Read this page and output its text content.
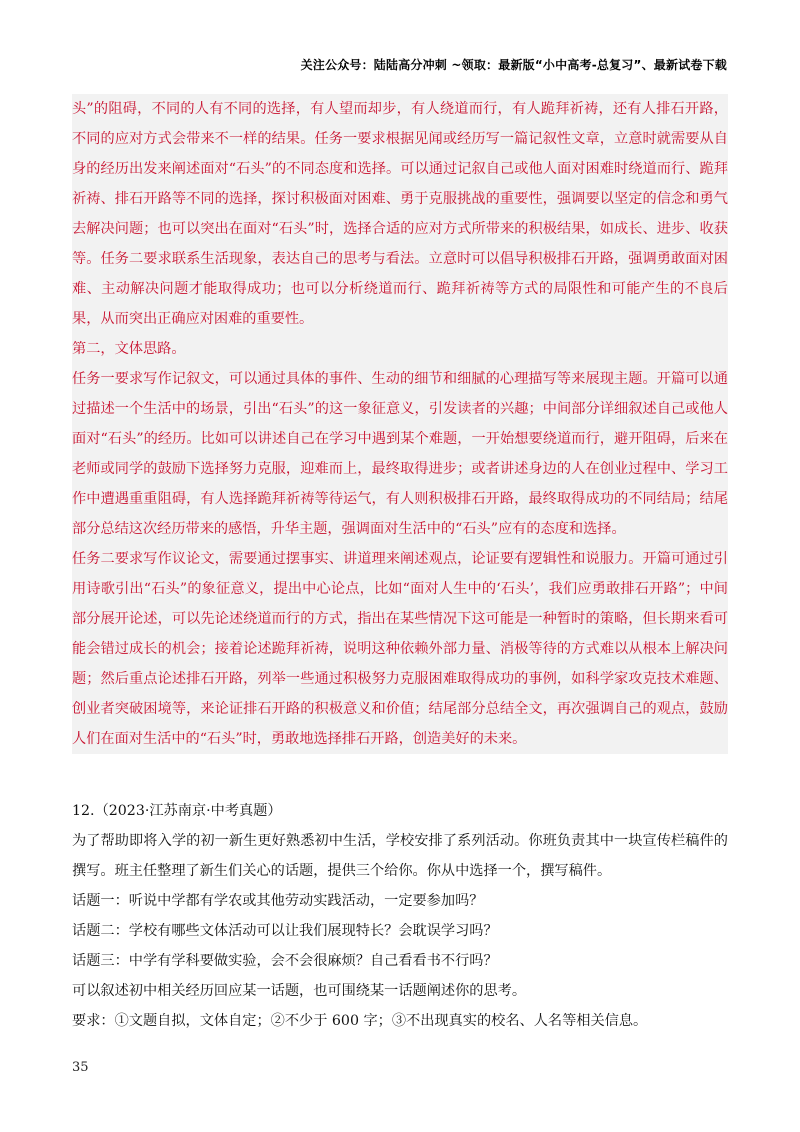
关注公众号：陆陆高分冲刺 ~领取：最新版“小中高考-总复习”、最新试卷下载

头”的阻碍，不同的人有不同的选择，有人望而却步，有人绕道而行，有人跪拜祈祷，还有人排石开路，不同的应对方式会带来不一样的结果。任务一要求根据见闻或经历写一篇记叙性文章，立意时就需要从自身的经历出发来阐述面对“石头”的不同态度和选择。可以通过记叙自己或他人面对困难时绕道而行、跪拜祈祷、排石开路等不同的选择，探讨积极面对困难、勇于克服挑战的重要性，强调要以坚定的信念和勇气去解决问题；也可以突出在面对“石头”时，选择合适的应对方式所带来的积极结果，如成长、进步、收获等。任务二要求联系生活现象，表达自己的思考与看法。立意时可以倡导积极排石开路，强调勇敢面对困难、主动解决问题才能取得成功；也可以分析绕道而行、跪拜祈祷等方式的局限性和可能产生的不良后果，从而突出正确应对困难的重要性。

第二，文体思路。

任务一要求写作记叙文，可以通过具体的事件、生动的细节和细腻的心理描写等来展现主题。开篇可以通过描述一个生活中的场景，引出“石头”的这一象征意义，引发读者的兴趣；中间部分详细叙述自己或他人面对“石头”的经历。比如可以讲述自己在学习中遇到某个难题，一开始想要绕道而行，避开阻碍，后来在老师或同学的鼓励下选择努力克服，迎难而上，最终取得进步；或者讲述身边的人在创业过程中、学习工作中遭遇重重阻碍，有人选择跪拜祈祷等待运气，有人则积极排石开路，最终取得成功的不同结局；结尾部分总结这次经历带来的感悟，升华主题，强调面对生活中的“石头”应有的态度和选择。

任务二要求写作议论文，需要通过摆事实、讲道理来阐述观点，论证要有逻辑性和说服力。开篇可通过引用诗歌引出“石头”的象征意义，提出中心论点，比如“面对人生中的‘石头’，我们应勇敢排石开路”；中间部分展开论述，可以先论述绕道而行的方式，指出在某些情况下这可能是一种暂时的策略，但长期来看可能会错过成长的机会；接着论述跪拜祈祷，说明这种依赖外部力量、消极等待的方式难以从根本上解决问题；然后重点论述排石开路，列举一些通过积极努力克服困难取得成功的事例，如科学家攻克技术难题、创业者突破困境等，来论证排石开路的积极意义和价值；结尾部分总结全文，再次强调自己的观点，鼓励人们在面对生活中的“石头”时，勇敢地选择排石开路，创造美好的未来。

12.（2023·江苏南京·中考真题）

为了帮助即将入学的初一新生更好熟悉初中生活，学校安排了系列活动。你班负责其中一块宣传栏稿件的撰写。班主任整理了新生们关心的话题，提供三个给你。你从中选择一个，撰写稿件。

话题一：听说中学都有学农或其他劳动实践活动，一定要参加吗？

话题二：学校有哪些文体活动可以让我们展现特长？会耽误学习吗？

话题三：中学有学科要做实验，会不会很麻烦？自己看看书不行吗？

可以叙述初中相关经历回应某一话题，也可围绕某一话题阐述你的思考。

要求：①文题自拟，文体自定；②不少于 600 字；③不出现真实的校名、人名等相关信息。

35
